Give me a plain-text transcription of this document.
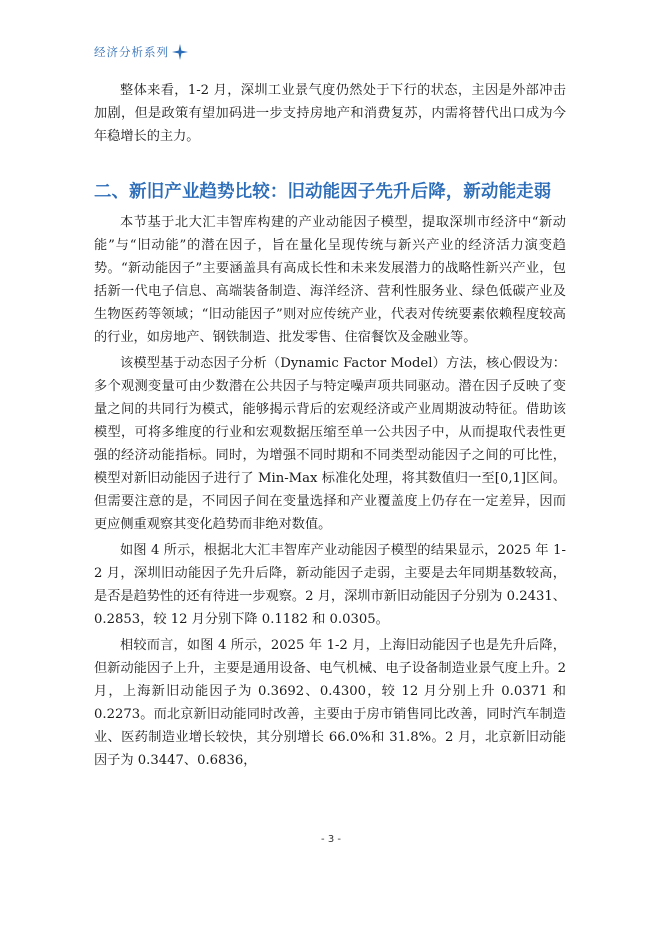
经济分析系列

整体来看，1-2 月，深圳工业景气度仍然处于下行的状态，主因是外部冲击加剧，但是政策有望加码进一步支持房地产和消费复苏，内需将替代出口成为今年稳增长的主力。

二、新旧产业趋势比较：旧动能因子先升后降，新动能走弱

本节基于北大汇丰智库构建的产业动能因子模型，提取深圳市经济中“新动能”与“旧动能”的潜在因子，旨在量化呈现传统与新兴产业的经济活力演变趋势。“新动能因子”主要涵盖具有高成长性和未来发展潜力的战略性新兴产业，包括新一代电子信息、高端装备制造、海洋经济、营利性服务业、绿色低碳产业及生物医药等领域；“旧动能因子”则对应传统产业，代表对传统要素依赖程度较高的行业，如房地产、钢铁制造、批发零售、住宿餐饮及金融业等。

该模型基于动态因子分析（Dynamic Factor Model）方法，核心假设为：多个观测变量可由少数潜在公共因子与特定噪声项共同驱动。潜在因子反映了变量之间的共同行为模式，能够揭示背后的宏观经济或产业周期波动特征。借助该模型，可将多维度的行业和宏观数据压缩至单一公共因子中，从而提取代表性更强的经济动能指标。同时，为增强不同时期和不同类型动能因子之间的可比性，模型对新旧动能因子进行了 Min-Max 标准化处理，将其数值归一至[0,1]区间。但需要注意的是，不同因子间在变量选择和产业覆盖度上仍存在一定差异，因而更应侧重观察其变化趋势而非绝对数值。

如图 4 所示，根据北大汇丰智库产业动能因子模型的结果显示，2025 年 1-2 月，深圳旧动能因子先升后降，新动能因子走弱，主要是去年同期基数较高，是否是趋势性的还有待进一步观察。2 月，深圳市新旧动能因子分别为 0.2431、0.2853，较 12 月分别下降 0.1182 和 0.0305。

相较而言，如图 4 所示，2025 年 1-2 月，上海旧动能因子也是先升后降，但新动能因子上升，主要是通用设备、电气机械、电子设备制造业景气度上升。2 月，上海新旧动能因子为 0.3692、0.4300，较 12 月分别上升 0.0371 和 0.2273。而北京新旧动能同时改善，主要由于房市销售同比改善，同时汽车制造业、医药制造业增长较快，其分别增长 66.0%和 31.8%。2 月，北京新旧动能因子为 0.3447、0.6836，

- 3 -
